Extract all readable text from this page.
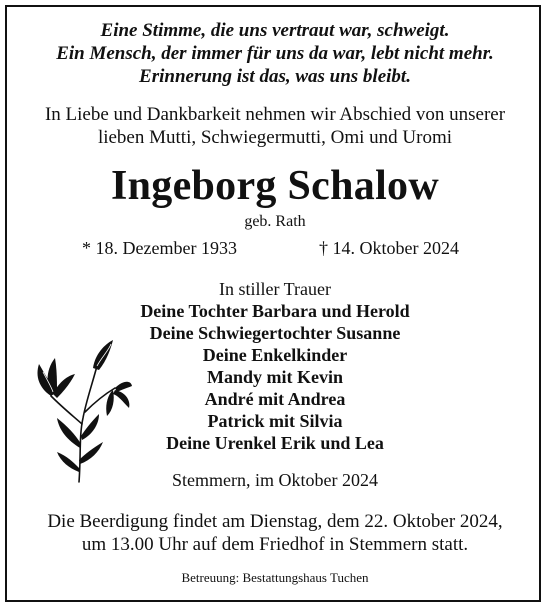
Eine Stimme, die uns vertraut war, schweigt.
Ein Mensch, der immer für uns da war, lebt nicht mehr.
Erinnerung ist das, was uns bleibt.
In Liebe und Dankbarkeit nehmen wir Abschied von unserer
lieben Mutti, Schwiegermutti, Omi und Uromi
Ingeborg Schalow
geb. Rath
* 18. Dezember 1933	† 14. Oktober 2024
In stiller Trauer
Deine Tochter Barbara und Herold
Deine Schwiegertochter Susanne
Deine Enkelkinder
Mandy mit Kevin
André mit Andrea
Patrick mit Silvia
Deine Urenkel Erik und Lea
Stemmern, im Oktober 2024
Die Beerdigung findet am Dienstag, dem 22. Oktober 2024,
um 13.00 Uhr auf dem Friedhof in Stemmern statt.
Betreuung: Bestattungshaus Tuchen
